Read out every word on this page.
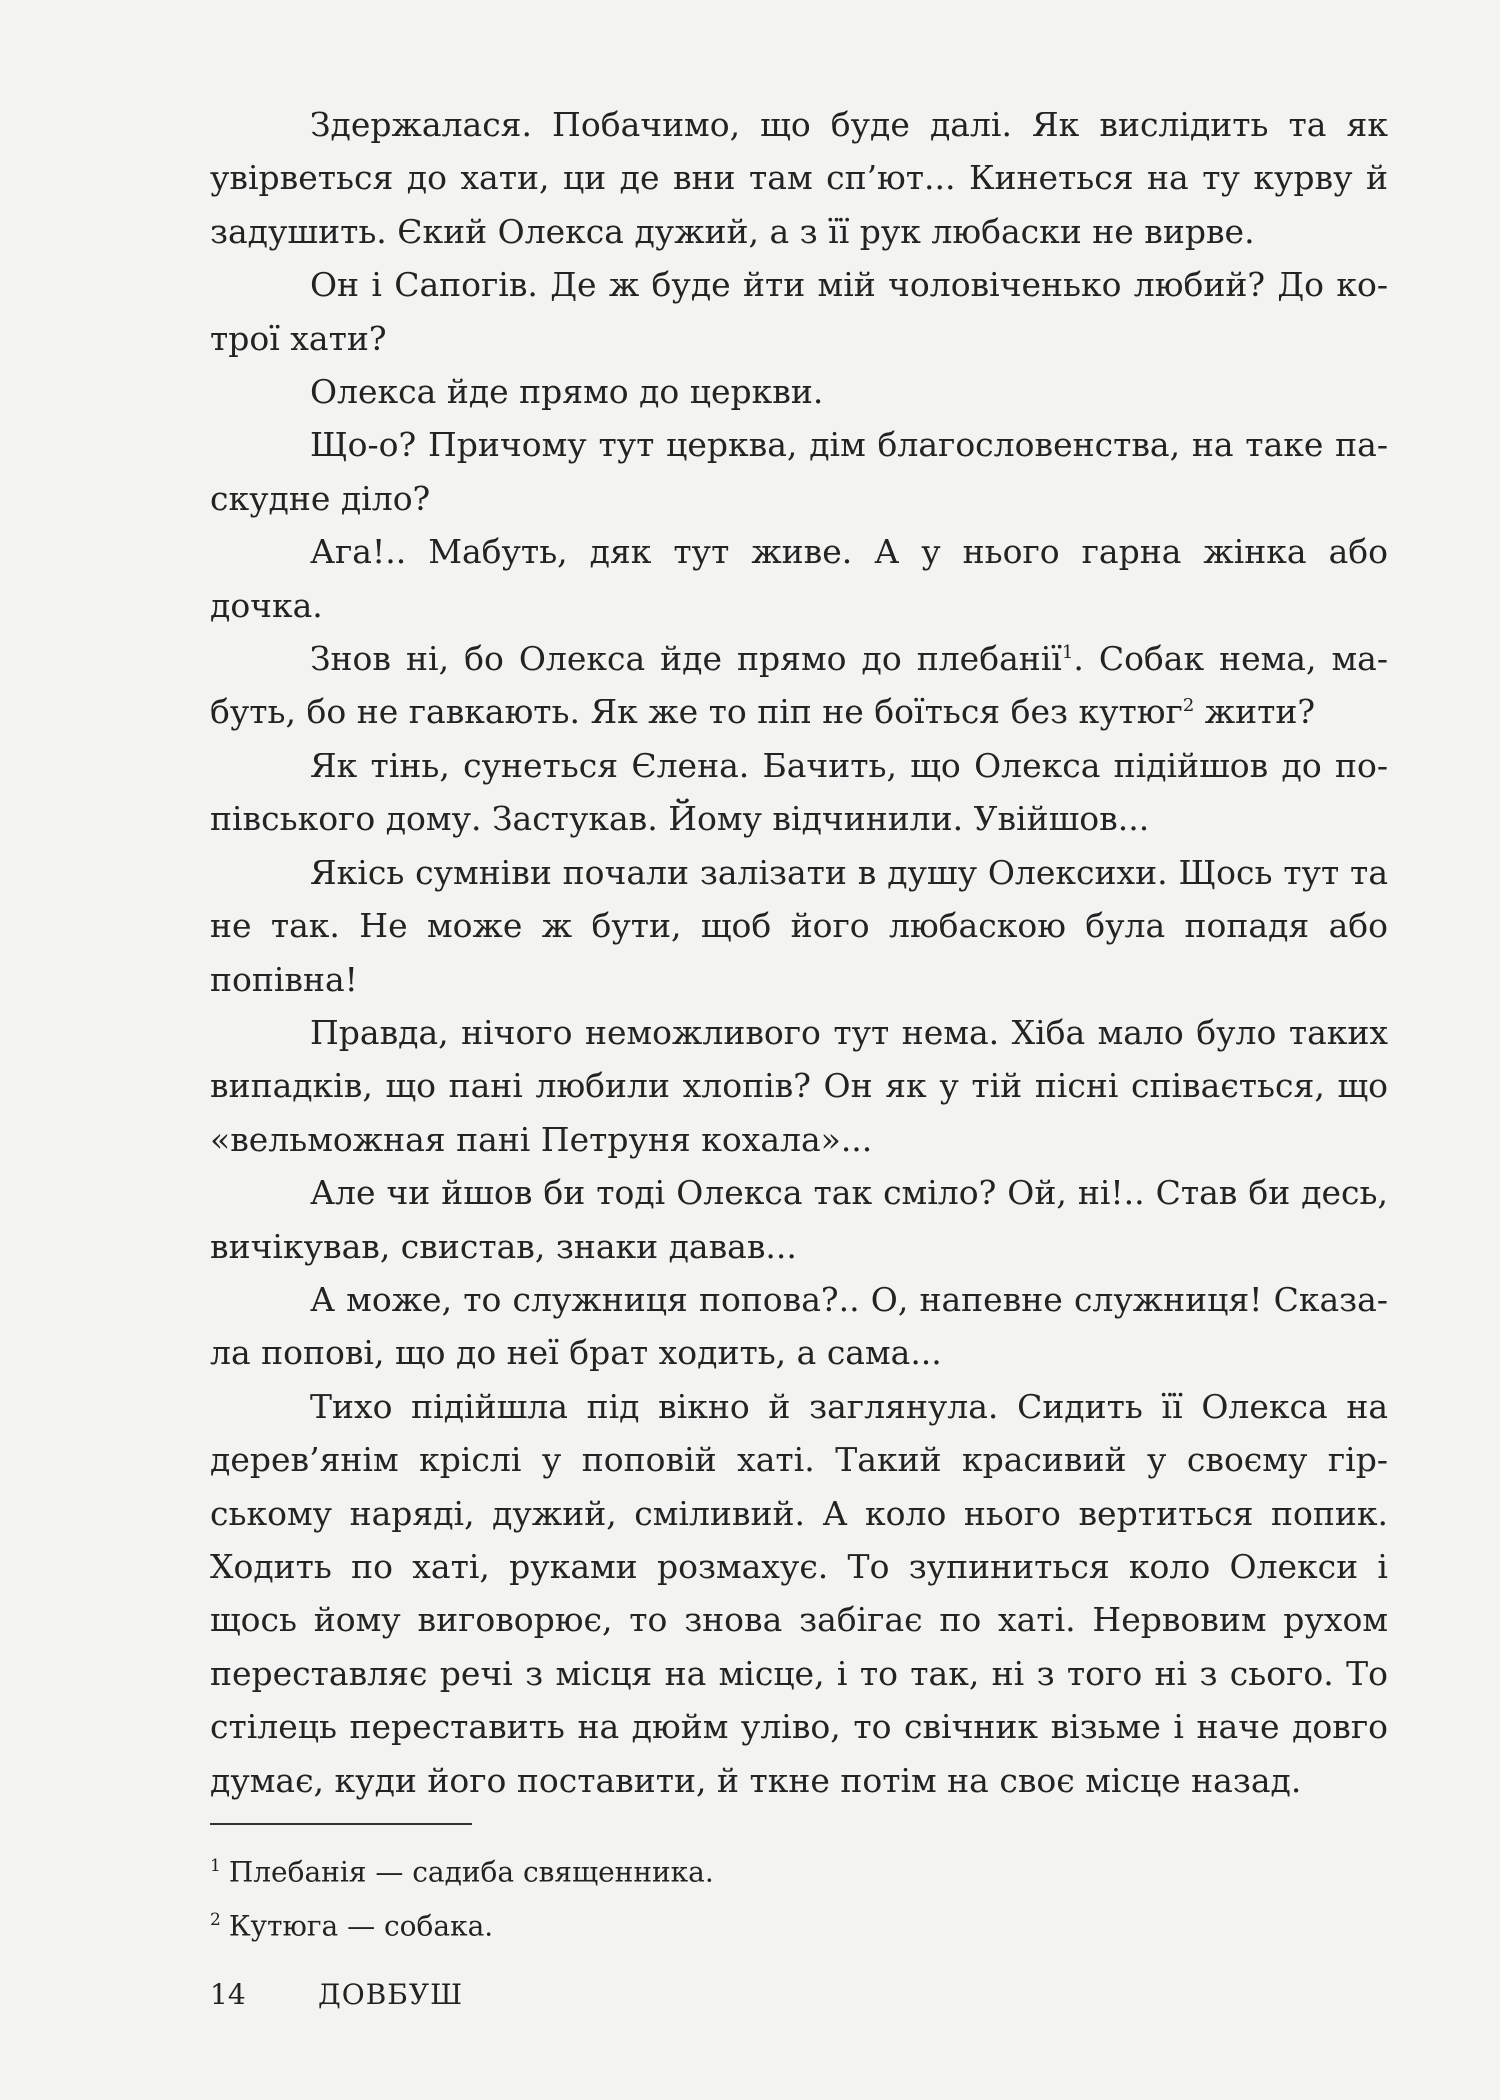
Здержалася. Побачимо, що буде далі. Як вислідить та як увірветься до хати, ци де вни там сп’ют... Кинеться на ту курву й задушить. Єкий Олекса дужий, а з її рук любаски не вирве.

Он і Сапогів. Де ж буде йти мій чоловіченько любий? До котрої хати?

Олекса йде прямо до церкви.

Що-о? Причому тут церква, дім благословенства, на таке паскудне діло?

Ага!.. Мабуть, дяк тут живе. А у нього гарна жінка або дочка.

Знов ні, бо Олекса йде прямо до плебанії$^1$. Собак нема, мабуть, бо не гавкають. Як же то піп не боїться без кутюг$^2$ жити?

Як тінь, сунеться Єлена. Бачить, що Олекса підійшов до попівського дому. Застукав. Йому відчинили. Увійшов...

Якісь сумніви почали залізати в душу Олексихи. Щось тут та не так. Не може ж бути, щоб його любаскою була попадя або попівна!

Правда, нічого неможливого тут нема. Хіба мало було таких випадків, що пані любили хлопів? Он як у тій пісні співається, що «вельможная пані Петруня кохала»...

Але чи йшов би тоді Олекса так сміло? Ой, ні!.. Став би десь, вичікував, свистав, знаки давав...

А може, то служниця попова?.. О, напевне служниця! Сказала попові, що до неї брат ходить, а сама...

Тихо підійшла під вікно й заглянула. Сидить її Олекса на дерев’янім кріслі у поповій хаті. Такий красивий у своєму гірському наряді, дужий, сміливий. А коло нього вертиться попик. Ходить по хаті, руками розмахує. То зупиниться коло Олекси і щось йому виговорює, то знова забігає по хаті. Нервовим рухом переставляє речі з місця на місце, і то так, ні з того ні з сього. То стілець переставить на дюйм уліво, то свічник візьме і наче довго думає, куди його поставити, й ткне потім на своє місце назад.

$^1$ Плебанія — садиба священника.

$^2$ Кутюга — собака.

14	ДОВБУШ
